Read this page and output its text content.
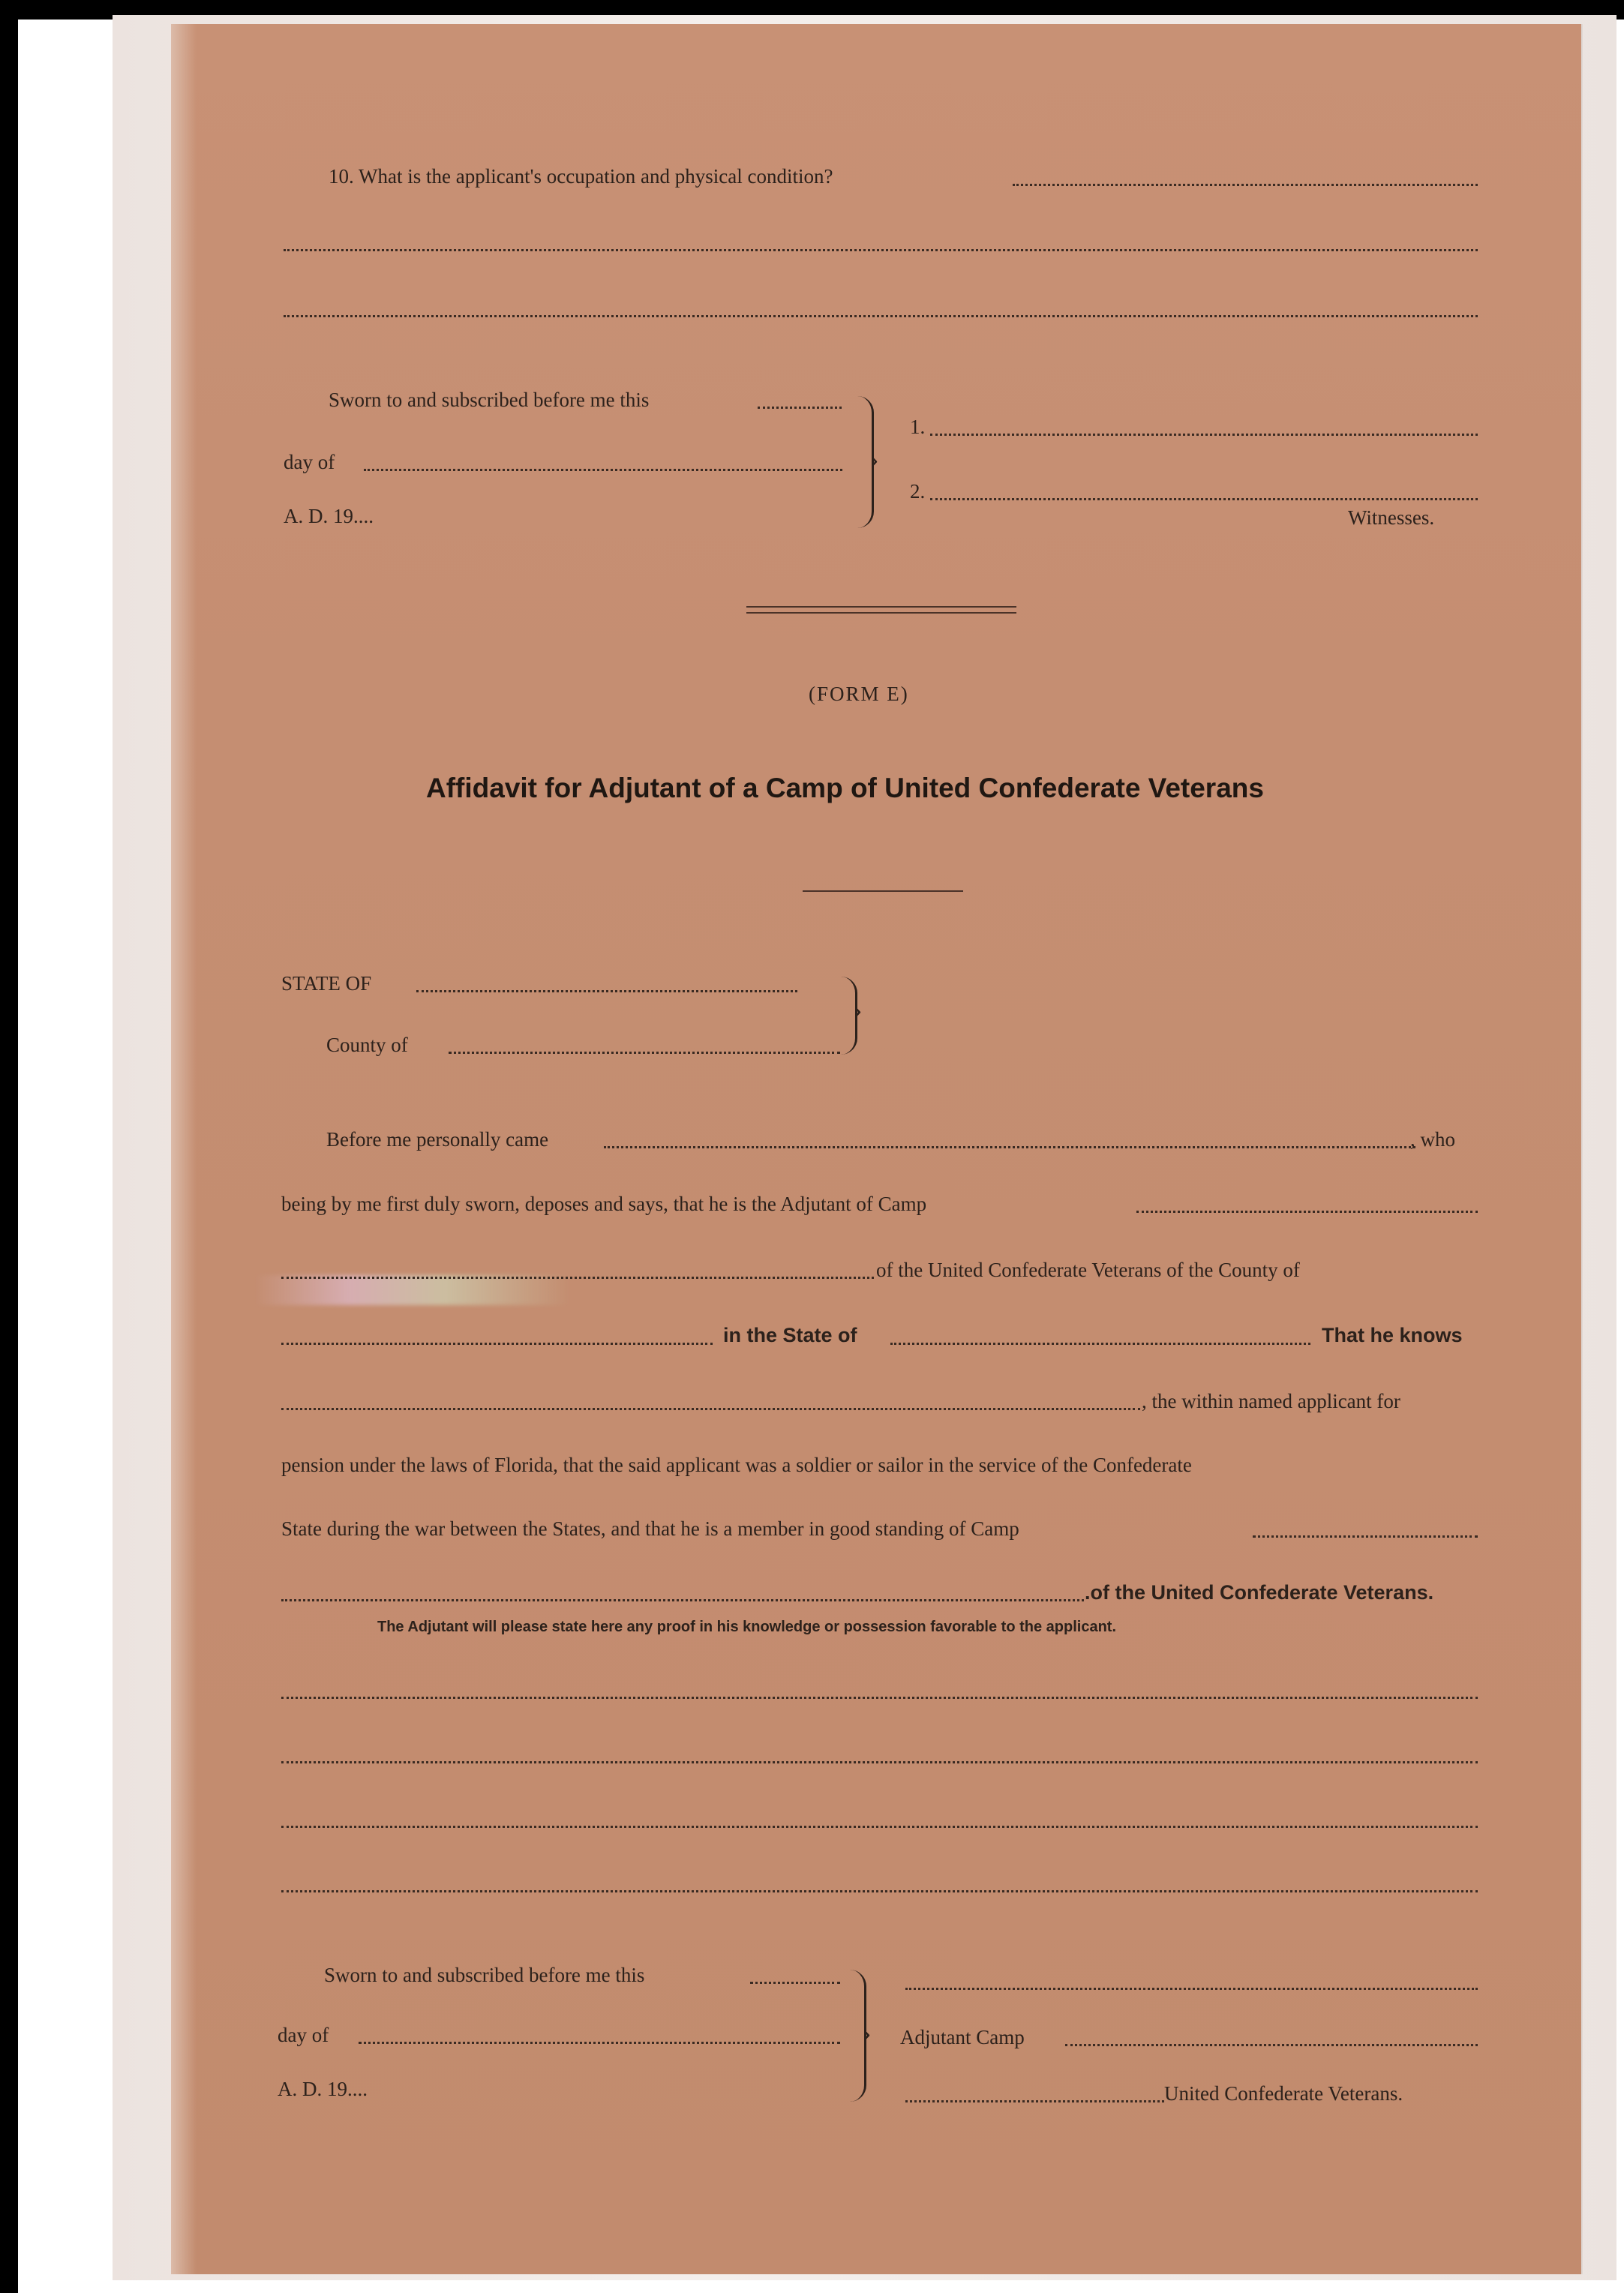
10. What is the applicant's occupation and physical condition?

Sworn to and subscribed before me this

day of

A. D. 19....

›

1.

2.

Witnesses.

(FORM E)

Affidavit for Adjutant of a Camp of United Confederate Veterans

STATE OF

County of

›

Before me personally came	, who

being by me first duly sworn, deposes and says, that he is the Adjutant of Camp

of the United Confederate Veterans of the County of

in the State of	That he knows

, the within named applicant for

pension under the laws of Florida, that the said applicant was a soldier or sailor in the service of the Confederate

State during the war between the States, and that he is a member in good standing of Camp

.of the United Confederate Veterans.

The Adjutant will please state here any proof in his knowledge or possession favorable to the applicant.

Sworn to and subscribed before me this

day of

A. D. 19....

› Adjutant Camp

United Confederate Veterans.
